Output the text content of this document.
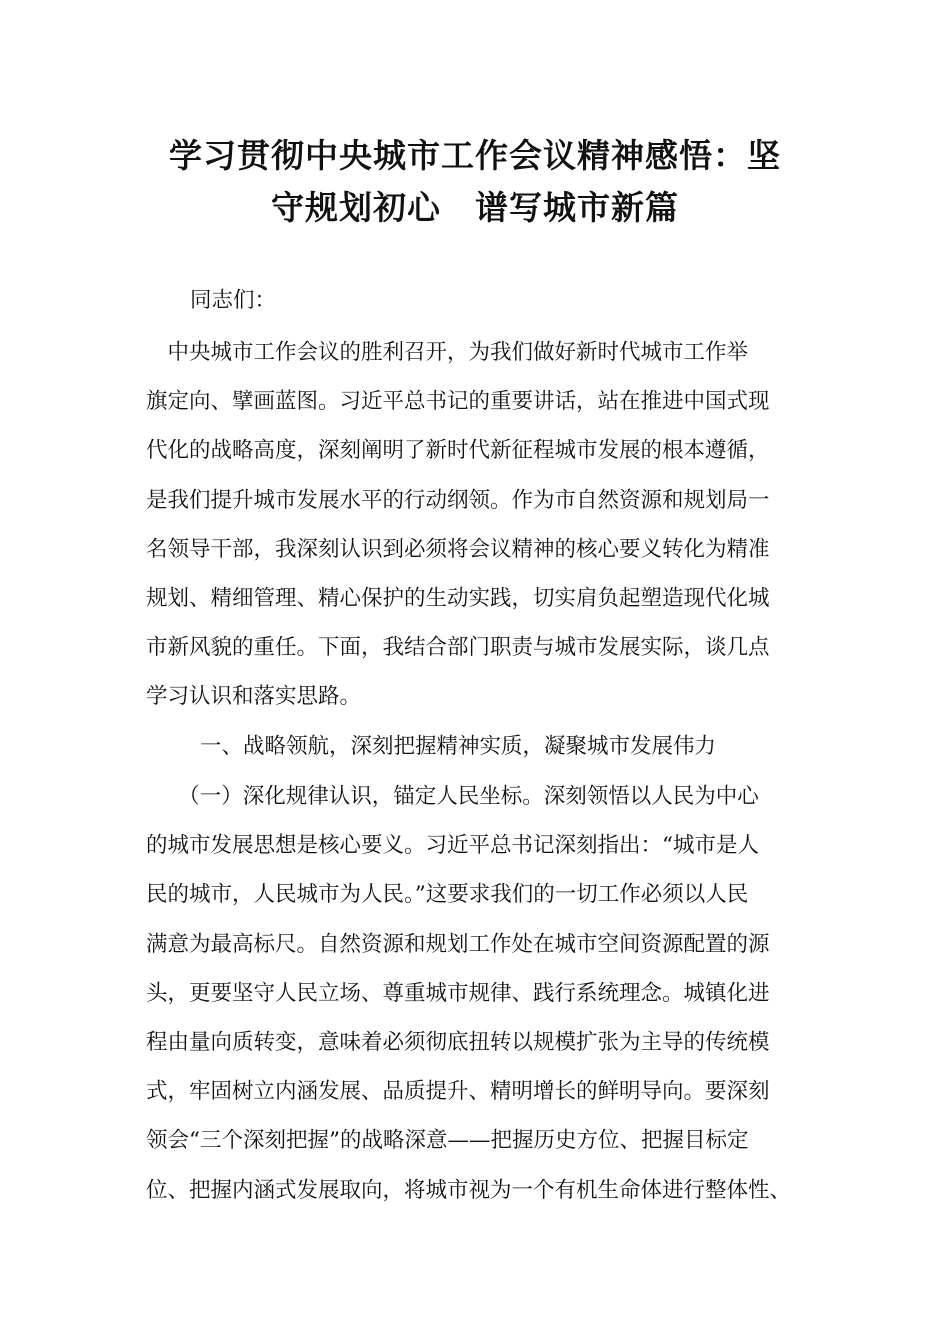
学习贯彻中央城市工作会议精神感悟：坚
守规划初心　谱写城市新篇
同志们：
　中央城市工作会议的胜利召开，为我们做好新时代城市工作举
旗定向、擘画蓝图。习近平总书记的重要讲话，站在推进中国式现
代化的战略高度，深刻阐明了新时代新征程城市发展的根本遵循，
是我们提升城市发展水平的行动纲领。作为市自然资源和规划局一
名领导干部，我深刻认识到必须将会议精神的核心要义转化为精准
规划、精细管理、精心保护的生动实践，切实肩负起塑造现代化城
市新风貌的重任。下面，我结合部门职责与城市发展实际，谈几点
学习认识和落实思路。
一、战略领航，深刻把握精神实质，凝聚城市发展伟力
　　（一）深化规律认识，锚定人民坐标。深刻领悟以人民为中心
的城市发展思想是核心要义。习近平总书记深刻指出：“城市是人
民的城市，人民城市为人民。”这要求我们的一切工作必须以人民
满意为最高标尺。自然资源和规划工作处在城市空间资源配置的源
头，更要坚守人民立场、尊重城市规律、践行系统理念。城镇化进
程由量向质转变，意味着必须彻底扭转以规模扩张为主导的传统模
式，牢固树立内涵发展、品质提升、精明增长的鲜明导向。要深刻
领会“三个深刻把握”的战略深意——把握历史方位、把握目标定
位、把握内涵式发展取向，将城市视为一个有机生命体进行整体性、
